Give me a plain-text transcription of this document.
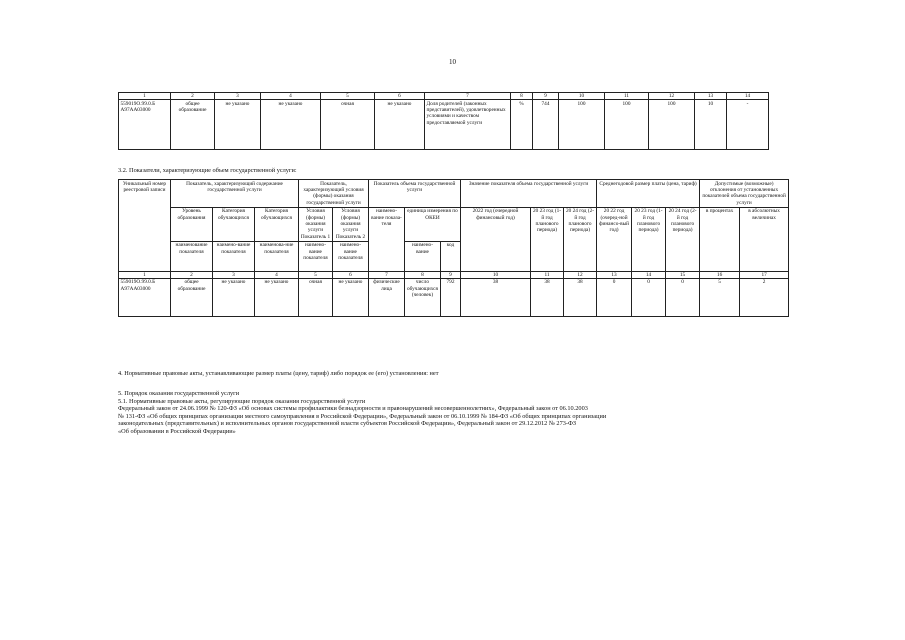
10
1	2	3	4	5	6	7	8	9	10	11	12	13	14
559019О.99.0.Б А97АА03000	общее образование	не указано	не указано	очная	не указано	Доля родителей (законных представителей), удовлетворенных условиями и качеством предоставляемой услуги	%	744	100	100	100	10	-
3.2. Показатели, характеризующие объем государственной услуги:
Уникальный номер реестровой записи	Показатель, характеризующий содержание государственной услуги			Показатель, характеризующий условия (формы) оказания государственной услуги		Показатель объема государственной услуги			Значение показателя объема государственной услуги			Среднегодовой размер платы (цена, тариф)			Допустимые (возможные) отклонения от установленных показателей объема государственной услуги	
	Уровень образования	Категория обучающихся	Категория обучающихся	Условия (формы) оказания услуги Показатель 1	Условия (формы) оказания услуги Показатель 2	наимено-вание показа-теля	единица измерения по ОКЕИ		2022 год (очередной финансовый год)	20 23 год (1-й год планового периода)	20 24 год (2-й год планового периода)	20 22 год (очеред-ной финансо-вый год)	20 23 год (1-й год планового периода)	20 24 год (2-й год планового периода)	в процентах	в абсолютных величинах
	наименование показателя	наимено-вание показателя	наименова-ние показателя	наимено-вание показателя	наимено-вание показателя		наимено-вание	код								
1	2	3	4	5	6	7	8	9	10	11	12	13	14	15	16	17
559019О.99.0.Б А97АА03000	общее образование	не указано	не указано	очная	не указано	физические лица	число обучающихся (человек)	792	38	38	38	0	0	0	5	2
4. Нормативные правовые акты, устанавливающие размер платы (цену, тариф) либо порядок ее (его) установления: нет
5. Порядок оказания государственной услуги
5.1. Нормативные правовые акты, регулирующие порядок оказания государственной услуги
Федеральный закон от 24.06.1999 № 120-ФЗ «Об основах системы профилактики безнадзорности и правонарушений несовершеннолетних», Федеральный закон от 06.10.2003
№ 131-ФЗ «Об общих принципах организации местного самоуправления в Российской Федерации», Федеральный закон от 06.10.1999 № 184-ФЗ «Об общих принципах организации
законодательных (представительных) и исполнительных органов государственной власти субъектов Российской Федерации», Федеральный закон от 29.12.2012 № 273-ФЗ
«Об образовании в Российской Федерации»
